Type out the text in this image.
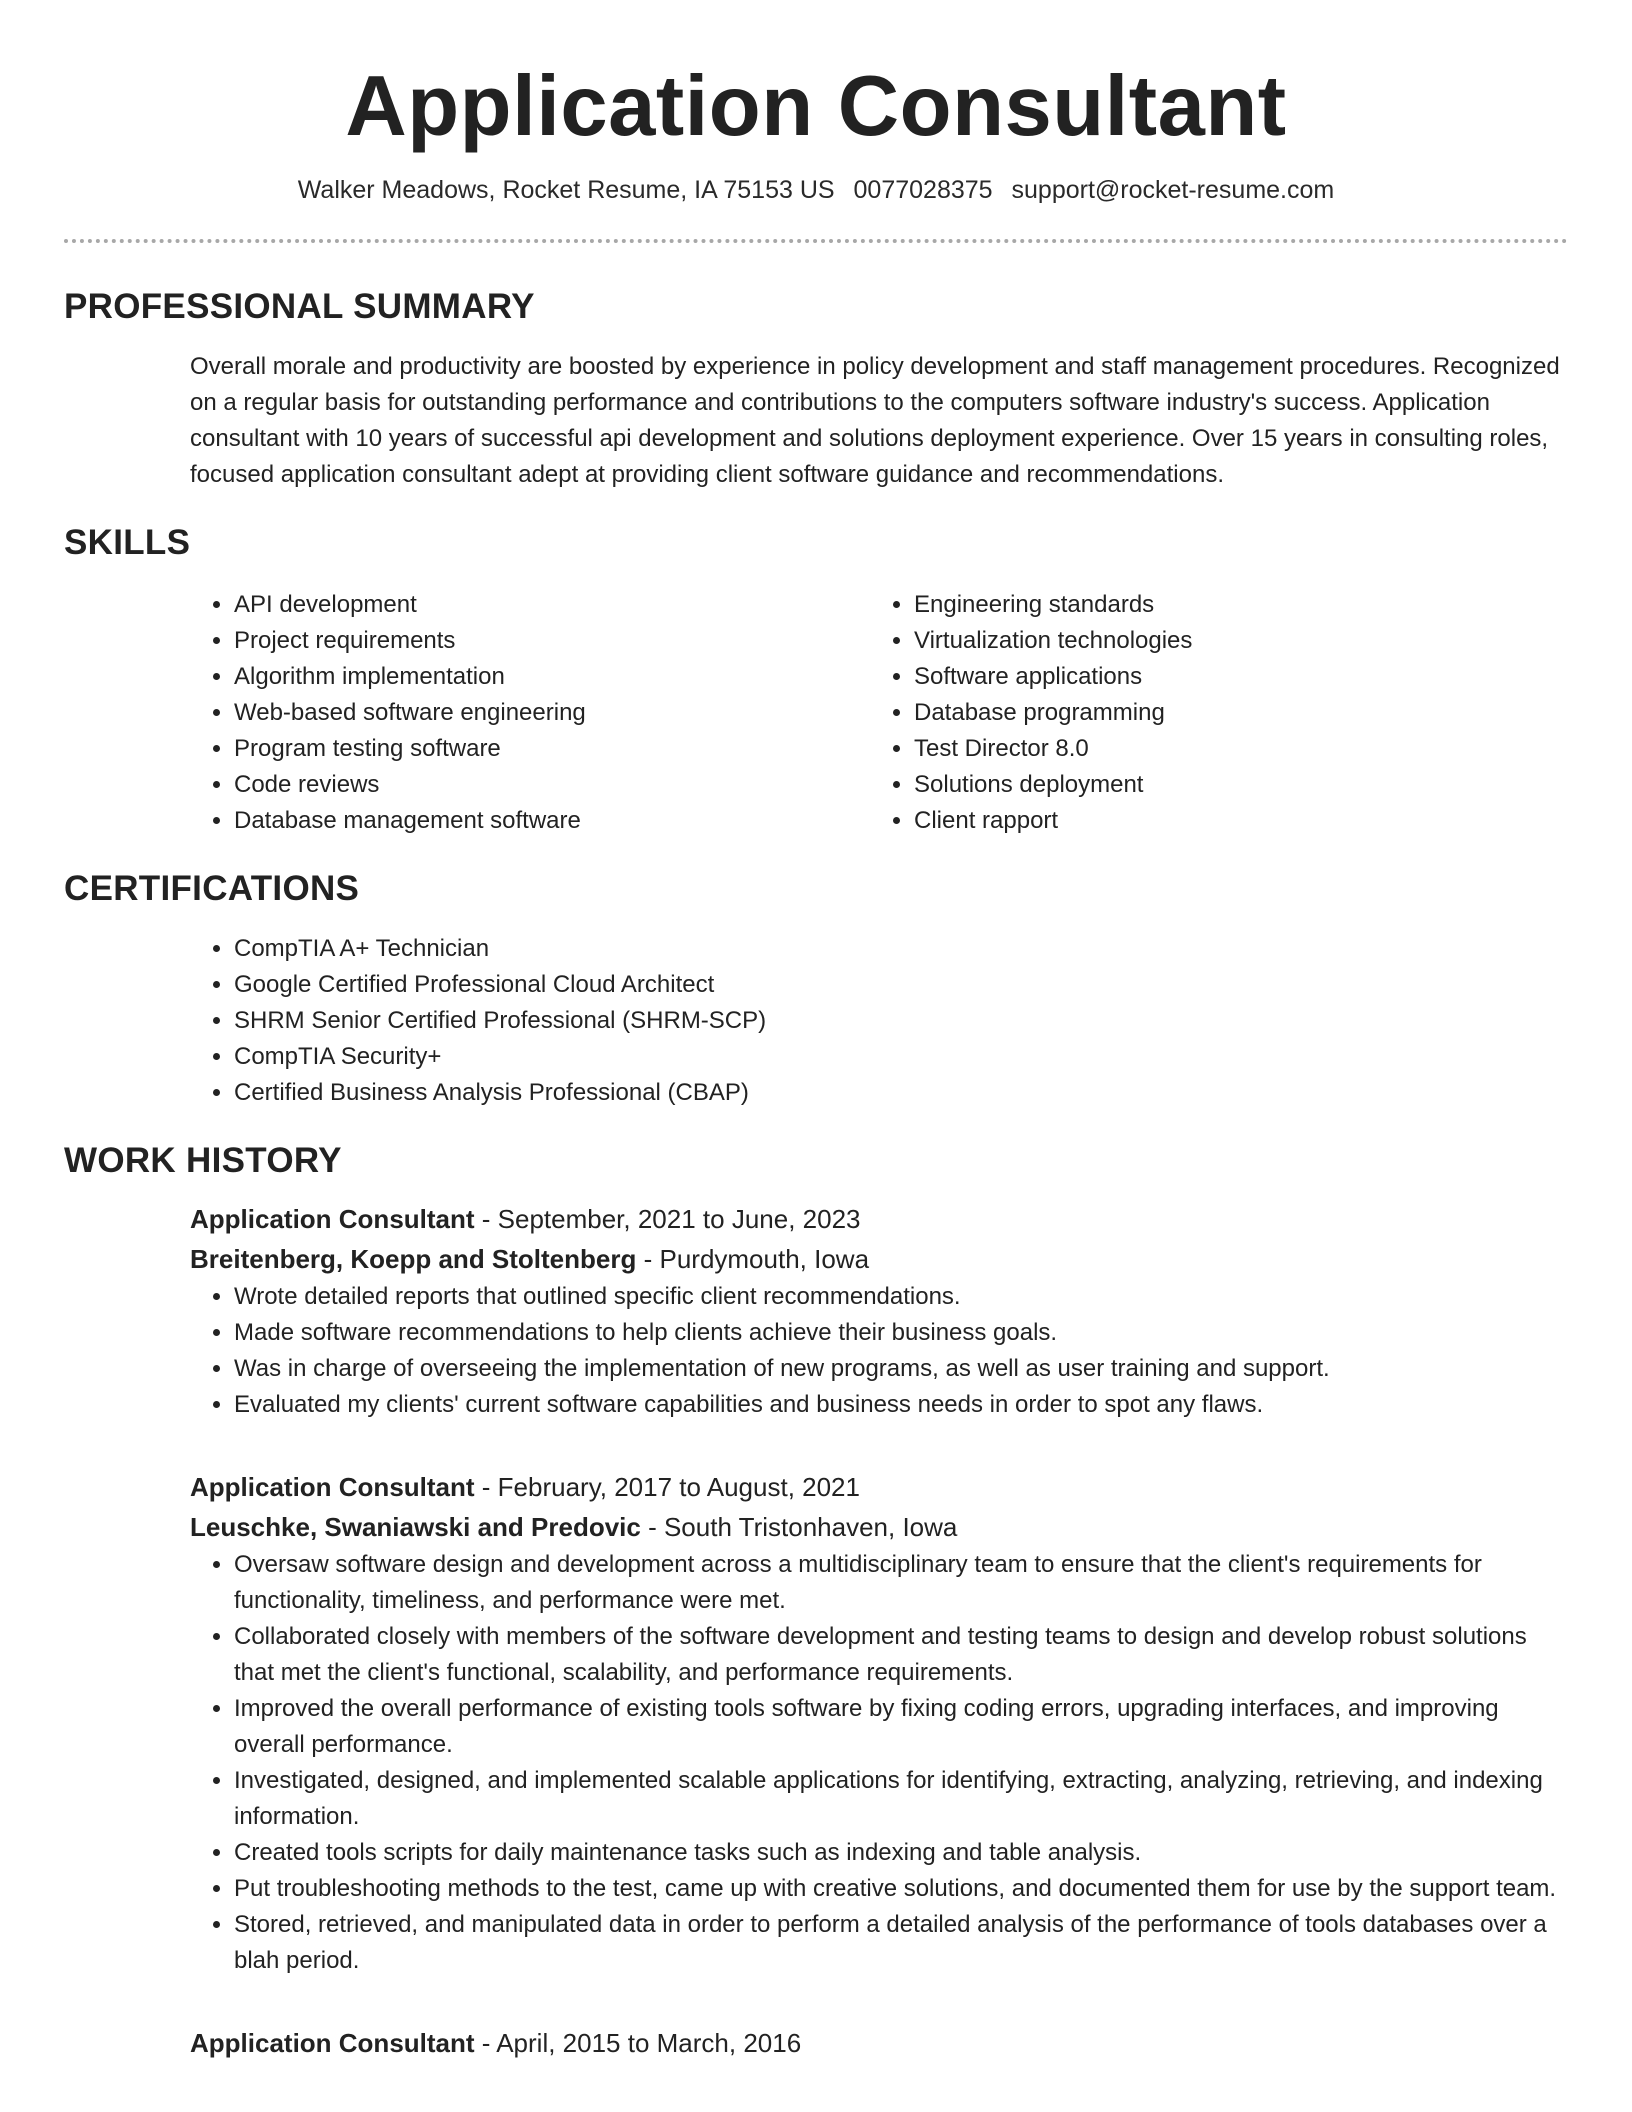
Application Consultant
Walker Meadows, Rocket Resume, IA 75153 US 0077028375 support@rocket-resume.com
PROFESSIONAL SUMMARY
Overall morale and productivity are boosted by experience in policy development and staff management procedures. Recognized on a regular basis for outstanding performance and contributions to the computers software industry's success. Application consultant with 10 years of successful api development and solutions deployment experience. Over 15 years in consulting roles, focused application consultant adept at providing client software guidance and recommendations.
SKILLS
• API development
• Project requirements
• Algorithm implementation
• Web-based software engineering
• Program testing software
• Code reviews
• Database management software
• Engineering standards
• Virtualization technologies
• Software applications
• Database programming
• Test Director 8.0
• Solutions deployment
• Client rapport
CERTIFICATIONS
• CompTIA A+ Technician
• Google Certified Professional Cloud Architect
• SHRM Senior Certified Professional (SHRM-SCP)
• CompTIA Security+
• Certified Business Analysis Professional (CBAP)
WORK HISTORY
Application Consultant - September, 2021 to June, 2023
Breitenberg, Koepp and Stoltenberg - Purdymouth, Iowa
• Wrote detailed reports that outlined specific client recommendations.
• Made software recommendations to help clients achieve their business goals.
• Was in charge of overseeing the implementation of new programs, as well as user training and support.
• Evaluated my clients' current software capabilities and business needs in order to spot any flaws.
Application Consultant - February, 2017 to August, 2021
Leuschke, Swaniawski and Predovic - South Tristonhaven, Iowa
• Oversaw software design and development across a multidisciplinary team to ensure that the client's requirements for functionality, timeliness, and performance were met.
• Collaborated closely with members of the software development and testing teams to design and develop robust solutions that met the client's functional, scalability, and performance requirements.
• Improved the overall performance of existing tools software by fixing coding errors, upgrading interfaces, and improving overall performance.
• Investigated, designed, and implemented scalable applications for identifying, extracting, analyzing, retrieving, and indexing information.
• Created tools scripts for daily maintenance tasks such as indexing and table analysis.
• Put troubleshooting methods to the test, came up with creative solutions, and documented them for use by the support team.
• Stored, retrieved, and manipulated data in order to perform a detailed analysis of the performance of tools databases over a blah period.
Application Consultant - April, 2015 to March, 2016
